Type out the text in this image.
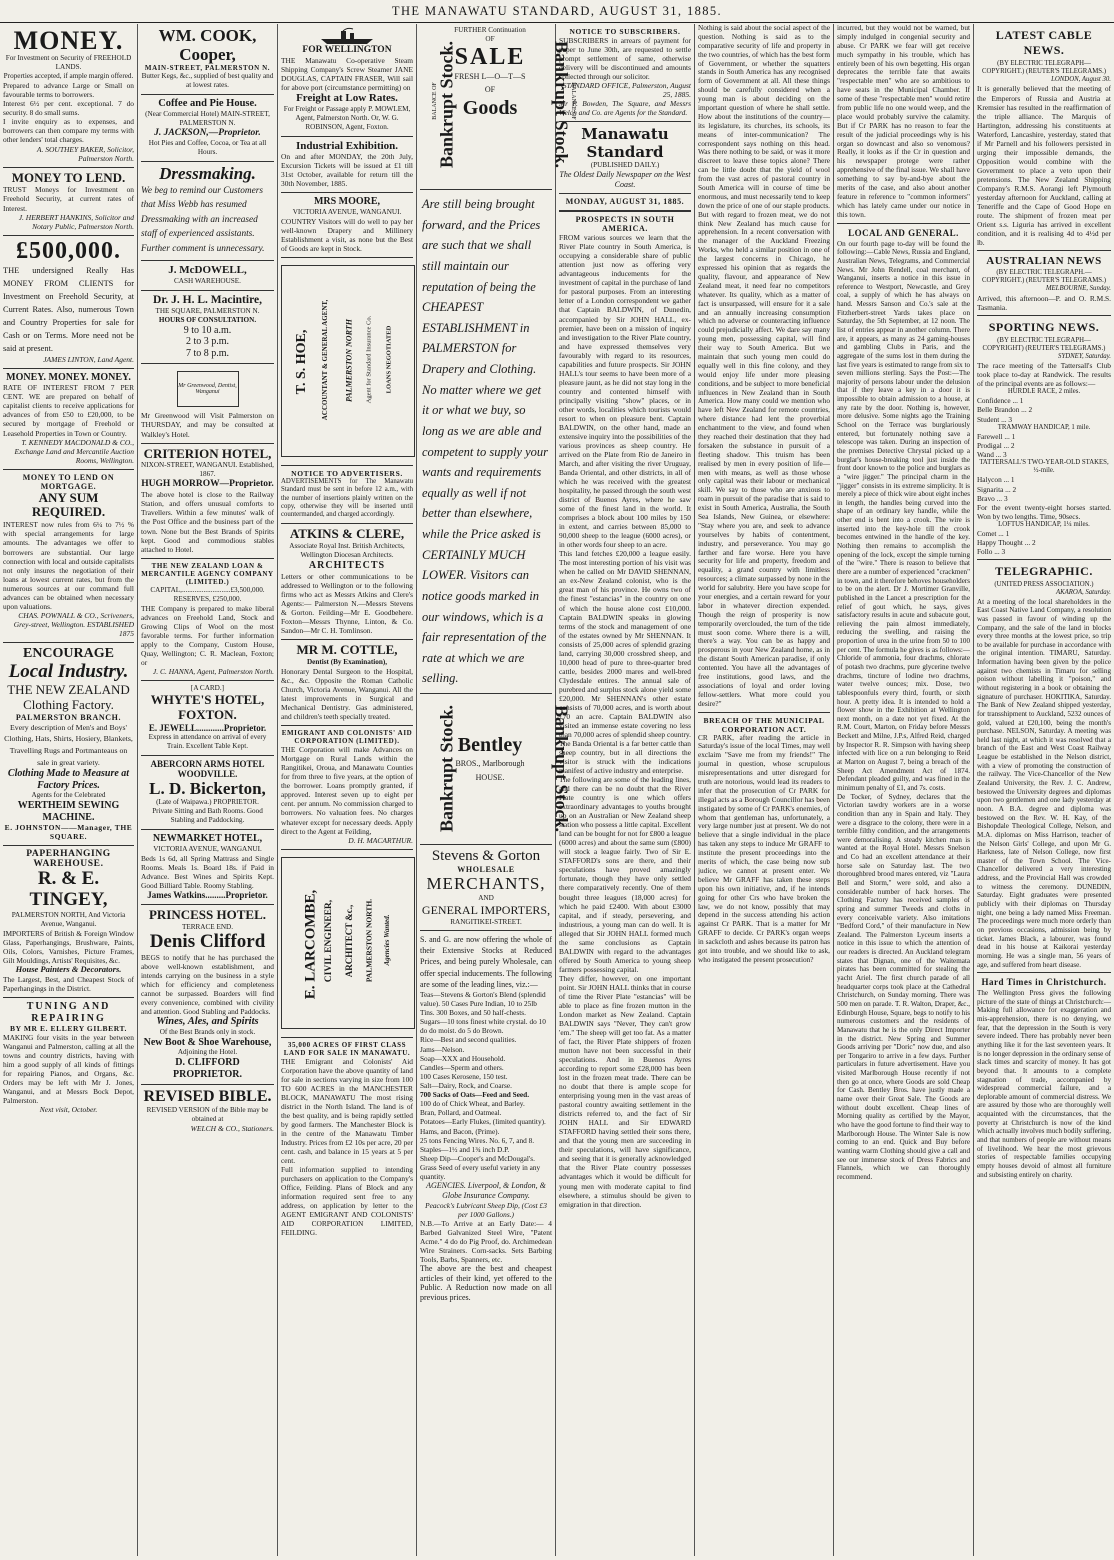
THE MANAWATU STANDARD, AUGUST 31, 1885.
MONEY.
For Investment on Security of FREEHOLD LANDS.
Properties accepted, if ample margin offered.
Prepared to advance Large or Small on favourable terms to borrowers.
Interest 6½ per cent. exceptional. 7 do security. 8 do small sums.
I invite enquiry as to expenses, and borrowers can then compare my terms with other lenders' total charges.
A. SOUTHEY BAKER, Solicitor, Palmerston North.
MONEY TO LEND.
TRUST Moneys for Investment on Freehold Security, at current rates of Interest.
J. HERBERT HANKINS, Solicitor and Notary Public, Palmerston North.
£500,000.
THE undersigned Really Has MONEY FROM CLIENTS for Investment on Freehold Security, at Current Rates. Also, numerous Town and Country Properties for sale for Cash or on Terms. More need not be said at present.
JAMES LINTON, Land Agent.
MONEY. MONEY. MONEY.
RATE OF INTEREST FROM 7 PER CENT. WE are prepared on behalf of capitalist clients to receive applications for advances of from £50 to £20,000, to be secured by mortgage of Freehold or Leasehold Properties in Town or Country.
T. KENNEDY MACDONALD & CO., Exchange Land and Mercantile Auction Rooms, Wellington.
MONEY TO LEND ON MORTGAGE.
ANY SUM REQUIRED.
INTEREST now rules from 6¼ to 7½ % with special arrangements for large amounts. The advantages we offer to borrowers are substantial. Our large connection with local and outside capitalists not only insures the negotiation of their loans at lowest current rates, but from the numerous sources at our command full advances can be obtained when necessary upon valuations.
CHAS. POWNALL & CO., Scriveners, Grey-street, Wellington. ESTABLISHED 1875
ENCOURAGE
Local Industry.
THE NEW ZEALAND Clothing Factory.
PALMERSTON BRANCH.
Every description of Men's and Boys' Clothing, Hats, Shirts, Hosiery, Blankets, Travelling Rugs and Portmanteaus on sale in great variety.
Clothing Made to Measure at Factory Prices.
Agents for the Celebrated
WERTHEIM SEWING MACHINE.
E. JOHNSTON——Manager, THE SQUARE.
PAPERHANGING WAREHOUSE.
R. & E. TINGEY,
PALMERSTON NORTH, And Victoria Avenue, Wanganui.
IMPORTERS of British & Foreign Window Glass, Paperhangings, Brushware, Paints, Oils, Colors, Varnishes, Picture Frames, Gilt Mouldings, Artists' Requisites, &c.
House Painters & Decorators.
The Largest, Best, and Cheapest Stock of Paperhangings in the District.
TUNING AND REPAIRING
BY MR E. ELLERY GILBERT.
MAKING four visits in the year between Wanganui and Palmerston, calling at all the towns and country districts, having with him a good supply of all kinds of fittings for repairing Pianos, and Organs, &c. Orders may be left with Mr J. Jones, Wanganui, and at Messrs Bock Depot, Palmerston.
Next visit, October.
WM. COOK, Cooper,
MAIN-STREET, PALMERSTON N.
Butter Kegs, &c., supplied of best quality and at lowest rates.
Coffee and Pie House.
(Near Commercial Hotel) MAIN-STREET, PALMERSTON N.
J. JACKSON,—Proprietor.
Hot Pies and Coffee, Cocoa, or Tea at all Hours.
Dressmaking.
We beg to remind our Customers that Miss Webb has resumed Dressmaking with an increased staff of experienced assistants. Further comment is unnecessary.
J. McDOWELL,
CASH WAREHOUSE.
Dr. J. H. L. Macintire,
THE SQUARE, PALMERSTON N.
HOURS OF CONSULTATION.
9 to 10 a.m.
2 to 3 p.m.
7 to 8 p.m.
Mr Greenwood, Dentist, Wanganui
Mr Greenwood will Visit Palmerston on THURSDAY, and may be consulted at Walkley's Hotel.
CRITERION HOTEL,
NIXON-STREET, WANGANUI. Established, 1867.
HUGH MORROW—Proprietor.
The above hotel is close to the Railway Station, and offers unusual comforts to Travellers. Within a few minutes' walk of the Post Office and the business part of the town. None but the Best Brands of Spirits kept. Good and commodious stables attached to Hotel.
THE NEW ZEALAND LOAN & MERCANTILE AGENCY COMPANY (LIMITED.)
CAPITAL,...........................£3,500,000.
RESERVES, £250,000.
THE Company is prepared to make liberal advances on Freehold Land, Stock and Growing Clips of Wool on the most favorable terms. For further information apply to the Company, Custom House, Quay, Wellington; C. R. Maclean, Foxton; or
J. C. HANNA, Agent, Palmerston North.
[A CARD.]
WHYTE'S HOTEL, FOXTON.
E. JEWELL............Proprietor.
Express in attendance on arrival of every Train. Excellent Table Kept.
ABERCORN ARMS HOTEL WOODVILLE.
L. D. Bickerton,
(Late of Waipawa.) PROPRIETOR.
Private Sitting and Bath Rooms. Good Stabling and Paddocking.
NEWMARKET HOTEL,
VICTORIA AVENUE, WANGANUI.
Beds 1s 6d, all Spring Mattrass and Single Rooms. Meals 1s. Board 18s. if Paid in Advance. Best Wines and Spirits Kept. Good Billiard Table. Roomy Stabling.
James Watkins.........Proprietor.
PRINCESS HOTEL.
TERRACE END.
Denis Clifford
BEGS to notify that he has purchased the above well-known establishment, and intends carrying on the business in a style which for efficiency and completeness cannot be surpassed. Boarders will find every convenience, combined with civility and attention. Good Stabling and Paddocks.
Wines, Ales, and Spirits
Of the Best Brands only in stock.
New Boot & Shoe Warehouse,
Adjoining the Hotel.
D. CLIFFORD PROPRIETOR.
REVISED BIBLE.
REVISED VERSION of the Bible may be obtained at
WELCH & CO., Stationers.
FOR WELLINGTON
THE Manawatu Co-operative Steam Shipping Company's Screw Steamer JANE DOUGLAS, CAPTAIN FRASER, Will sail for above port (circumstance permitting) on
Freight at Low Rates.
For Freight or Passage apply P. MOWLEM, Agent, Palmerston North. Or, W. G. ROBINSON, Agent, Foxton.
Industrial Exhibition.
On and after MONDAY, the 20th July, Excursion Tickets will be issued at £1 till 31st October, available for return till the 30th November, 1885.
MRS MOORE,
VICTORIA AVENUE, WANGANUI.
COUNTRY Visitors will do well to pay her well-known Drapery and Millinery Establishment a visit, as none but the Best of Goods are kept in Stock.
T. S. HOE, ACCOUNTANT & GENERAL AGENT, PALMERSTON NORTH Agent for Standard Insurance Co. LOANS NEGOTIATED
NOTICE TO ADVERTISERS.
ADVERTISEMENTS for The Manawatu Standard must be sent in before 12 a.m., with the number of insertions plainly written on the copy, otherwise they will be inserted until countermanded, and charged accordingly.
ATKINS & CLERE,
Associate Royal Inst. British Architects, Wellington Diocesan Architects.
ARCHITECTS
Letters or other communications to be addressed to Wellington or to the following firms who act as Messrs Atkins and Clere's Agents:— Palmerston N.—Messrs Stevens & Gorton. Feilding—Mr E. Goodbehere. Foxton—Messrs Thynne, Linton, & Co. Sandon—Mr C. H. Tomlinson.
MR M. COTTLE,
Dentist (By Examination),
Honorary Dental Surgeon to the Hospital, &c., &c. Opposite the Roman Catholic Church, Victoria Avenue, Wanganui. All the latest improvements in Surgical and Mechanical Dentistry. Gas administered, and children's teeth specially treated.
EMIGRANT AND COLONISTS' AID CORPORATION (LIMITED).
THE Corporation will make Advances on Mortgage on Rural Lands within the Rangitikei, Oroua, and Manawatu Counties for from three to five years, at the option of the borrower. Loans promptly granted, if approved. Interest seven up to eight per cent. per annum. No commission charged to borrowers. No valuation fees. No charges whatever except for necessary deeds. Apply direct to the Agent at Feilding,
D. H. MACARTHUR.
E. LARCOMBE, CIVIL ENGINEER, ARCHITECT &c., PALMERSTON NORTH. Agencies Wanted.
35,000 ACRES OF FIRST CLASS LAND FOR SALE IN MANAWATU.
THE Emigrant and Colonists' Aid Corporation have the above quantity of land for sale in sections varying in size from 100 TO 600 ACRES in the MANCHESTER BLOCK, MANAWATU The most rising district in the North Island. The land is of the best quality, and is being rapidly settled by good farmers. The Manchester Block is in the centre of the Manawatu Timber Industry. Prices from £2 10s per acre, 20 per cent. cash, and balance in 15 years at 5 per cent.
Full information supplied to intending purchasers on application to the Company's Office, Feilding. Plans of Block and any information required sent free to any address, on application by letter to the AGENT EMIGRANT AND COLONISTS' AID CORPORATION LIMITED, FEILDING.
Bankrupt Stock.
BALANCE OF
FURTHER Continuation OF
SALE
FRESH L—O—T—S OF
Goods	Bankrupt Stock.
BALANCE OF
Are still being brought forward, and the Prices are such that we shall still maintain our reputation of being the CHEAPEST ESTABLISHMENT in PALMERSTON for Drapery and Clothing. No matter where we get it or what we buy, so long as we are able and competent to supply your wants and requirements equally as well if not better than elsewhere, while the Price asked is CERTAINLY MUCH LOWER. Visitors can notice goods marked in our windows, which is a fair representation of the rate at which we are selling.
Bankrupt Stock. Bentley
BROS., Marlborough HOUSE.	Bankrupt Stock.
Stevens & Gorton
WHOLESALE
MERCHANTS,
AND
GENERAL IMPORTERS,
RANGITIKEI-STREET.
S. and G. are now offering the whole of their Extensive Stocks at Reduced Prices, and being purely Wholesale, can offer special inducements. The following are some of the leading lines, viz.:—
Teas—Stevens & Gorton's Blend (splendid value). 50 Cases Pure Indian, 10 to 25lb Tins. 300 Boxes, and 50 half-chests.
Sugars—10 tons finest white crystal. do 10 do do moist. do 5 do Brown.
Rice—Best and second qualities.
Jams—Nelson.
Soap—XXX and Household.
Candles—Sperm and others.
100 Cases Kerosene, 150 test.
Salt—Dairy, Rock, and Coarse.
700 Sacks of Oats—Feed and Seed.
100 do of Chick Wheat, and Barley.
Bran, Pollard, and Oatmeal.
Potatoes—Early Flukes, (limited quantity).
Hams, and Bacon, (Prime).
25 tons Fencing Wires. No. 6, 7, and 8.
Staples—1½ and 1¾ inch D.P.
Sheep Dip—Cooper's and McDougal's.
Grass Seed of every useful variety in any quantity.
AGENCIES. Liverpool, & London, & Globe Insurance Company.
Peacock's Lubricant Sheep Dip, (Cost £3 per 1000 Gallons.)
N.B.—To Arrive at an Early Date:— 4 Barbed Galvanized Steel Wire, "Patent Acme." 4 do do Pig Proof, do. Archimedean Wire Strainers. Corn-sacks. Sets Barbing Tools, Barbs, Spanners, etc.
The above are the best and cheapest articles of their kind, yet offered to the Public. A Reduction now made on all previous prices.
NOTICE TO SUBSCRIBERS.
SUBSCRIBERS in arrears of payment for paper to June 30th, are requested to settle prompt settlement of same, otherwise delivery will be discontinued and amounts collected through our solicitor.
STANDARD OFFICE, Palmerston, August 25, 1885.
Mr P. Bowden, The Square, and Messrs Welch and Co. are Agents for the Standard.
Manawatu Standard
(PUBLISHED DAILY.)
The Oldest Daily Newspaper on the West Coast.
MONDAY, AUGUST 31, 1885.
PROSPECTS IN SOUTH AMERICA.
FROM various sources we learn that the River Plate country in South America, is occupying a considerable share of public attention just now as offering very advantageous inducements for the investment of capital in the purchase of land for pastoral purposes. From an interesting letter of a London correspondent we gather that Captain BALDWIN, of Dunedin, accompanied by Sir JOHN HALL, ex-premier, have been on a mission of inquiry and investigation to the River Plate country, and have expressed themselves very favourably with regard to its resources, capabilities and future prospects. Sir JOHN HALL's tour seems to have been more of a pleasure jaunt, as he did not stay long in the country and contented himself with principally visiting "show" places, or in other words, localities which tourists would resort to when on pleasure bent. Captain BALDWIN, on the other hand, made an extensive inquiry into the possibilities of the various provinces as sheep country. He arrived on the Plate from Rio de Janeiro in March, and after visiting the river Uruguay, Banda Oriental, and other districts, in all of which he was received with the greatest hospitality, he passed through the south west district of Buenos Ayres, where he saw some of the finest land in the world. It comprises a block about 100 miles by 150 in extent, and carries between 85,000 to 90,000 sheep to the league (6000 acres), or in other words four sheep to an acre.
This land fetches £20,000 a league easily. The most interesting portion of his visit was when he called on Mr DAVID SHENNAN, an ex-New Zealand colonist, who is the great man of his province. He owns two of the finest "estancias" in the country on one of which the house alone cost £10,000. Captain BALDWIN speaks in glowing terms of the stock and management of one of the estates owned by Mr SHENNAN. It consists of 25,000 acres of splendid grazing land, carrying 30,000 crossbred sheep, and 10,000 head of pure to three-quarter bred cattle, besides 2000 mares and well-bred Clydesdale entires. The annual sale of purebred and surplus stock alone yield some £20,000. Mr SHENNAN's other estate consists of 70,000 acres, and is worth about £70 an acre. Captain BALDWIN also visited an immense estate covering no less than 70,000 acres of splendid sheep country. The Banda Oriental is a far better cattle than sheep country, but in all directions the visitor is struck with the indications manifest of active industry and enterprise.
The following are some of the leading lines, and there can be no doubt that the River Plate country is one which offers extraordinary advantages to youths brought up on an Australian or New Zealand sheep station who possess a little capital. Excellent land can be bought for not for £800 a league (6000 acres) and about the same sum (£800) will stock a league fairly. Two of Sir E. STAFFORD's sons are there, and their speculations have proved amazingly fortunate, though they have only settled there comparatively recently. One of them bought three leagues (18,000 acres) for which he paid £2400. With about £3000 capital, and if steady, persevering, and industrious, a young man can do well. It is alleged that Sir JOHN HALL formed much the same conclusions as Captain BALDWIN with regard to the advantages offered by South America to young sheep farmers possessing capital.
They differ, however, on one important point. Sir JOHN HALL thinks that in course of time the River Plate "estancias" will be able to place as fine frozen mutton in the London market as New Zealand. Captain BALDWIN says "Never, They can't grow 'em." The sheep will get too fat. As a matter of fact, the River Plate shippers of frozen mutton have not been successful in their speculations. And in Buenos Ayres according to report some £28,000 has been lost in the frozen meat trade. There can be no doubt that there is ample scope for enterprising young men in the vast areas of pastoral country awaiting settlement in the districts referred to, and the fact of Sir JOHN HALL and Sir EDWARD STAFFORD having settled their sons there, and that the young men are succeeding in their speculations, will have significance, and seeing that it is generally acknowledged that the River Plate country possesses advantages which it would be difficult for young men with moderate capital to find elsewhere, a stimulus should be given to emigration in that direction.
Nothing is said about the social aspect of the question. Nothing is said as to the comparative security of life and property in the two countries, of which has the best form of Government, or whether the squatters stands in South America has any recognised form of Government at all. All these things should be carefully considered when a young man is about deciding on the important question of where he shall settle. How about the institutions of the country—its legislature, its churches, its schools, its means of inter-communication? The correspondent says nothing on this head. Was there nothing to be said, or was it more discreet to leave these topics alone? There can be little doubt that the yield of wool from the vast acres of pastoral country in South America will in course of time be enormous, and must necessarily tend to keep down the price of one of our staple products. But with regard to frozen meat, we do not think New Zealand has much cause for apprehension. In a recent conversation with the manager of the Auckland Freezing Works, who held a similar position in one of the largest concerns in Chicago, he expressed his opinion that as regards the quality, flavour, and appearance of New Zealand meat, it need fear no competitors whatever. Its quality, which as a matter of fact is unsurpassed, will ensure for it a sale and an annually increasing consumption which no adverse or counteracting influence could prejudicially affect. We dare say many young men, possessing capital, will find their way to South America. But we maintain that such young men could do equally well in this fine colony, and they would enjoy life under more pleasing conditions, and be subject to more beneficial influences in New Zealand than in South America. How many could we mention who have left New Zealand for remote countries, where distance had lent the proverbial enchantment to the view, and found when they reached their destination that they had forsaken the substance in pursuit of a fleeting shadow. This truism has been realised by men in every position of life—men with means, as well as those whose only capital was their labour or mechanical skill. We say to those who are anxious to roam in pursuit of the paradise that is said to exist in South America, Australia, the South Sea Islands, New Guinea, or elsewhere: "Stay where you are, and seek to advance yourselves by habits of contentment, industry, and perseverance. You may go farther and fare worse. Here you have security for life and property, freedom and equality, a grand country with limitless resources; a climate surpassed by none in the world for salubrity. Here you have scope for your energies, and a certain reward for your labor in whatever direction expended. Though the reign of prosperity is now temporarily overclouded, the turn of the tide must soon come. Where there is a will, there's a way. You can be as happy and prosperous in your New Zealand home, as in the distant South American paradise, if only contented. You have all the advantages of free institutions, good laws, and the associations of loyal and order loving fellow-settlers. What more could you desire?"
BREACH OF THE MUNICIPAL CORPORATION ACT.
CR PARK, after reading the article in Saturday's issue of the local Times, may well exclaim "Save me from my friends!" The journal in question, whose scrupulous misrepresentations and utter disregard for truth are notorious, would lead its readers to infer that the prosecution of Cr PARK for illegal acts as a Borough Councillor has been instigated by some of Cr PARK's enemies, of whom that gentleman has, unfortunately, a very large number just at present. We do not believe that a single individual in the place has taken any steps to induce Mr GRAFF to institute the present proceedings into the merits of which, the case being now sub judice, we cannot at present enter. We believe Mr GRAFF has taken these steps upon his own initiative, and, if he intends going for other Crs who have broken the law, we do not know, possibly that may depend in the success attending his action against Cr PARK. That is a matter for Mr GRAFF to decide. Cr PARK's organ weeps in sackcloth and ashes because its patron has got into trouble, and we should like to ask, who instigated the present prosecution?
incurred, but they would not be warned, but simply indulged in congenial security and abuse. Cr PARK we fear will get receive much sympathy in his trouble, which has entirely been of his own begetting. His organ deprecates the terrible fate that awaits "respectable men" who are so ambitious to have seats in the Municipal Chamber. If some of these "respectable men" would retire from public life no one would weep, and the place would probably survive the calamity. But if Cr PARK has no reason to fear the result of the judicial proceedings why is his organ so downcast and also so venomous? Really, it looks as if the Cr in question and his newspaper protege were rather apprehensive of the final issue. We shall have something to say by-and-bye about the merits of the case, and also about another feature in reference to "common informers" which has lately came under our notice in this town.
LOCAL AND GENERAL.
On our fourth page to-day will be found the following:—Cable News, Russia and England, Australian News, Telegrams, and Commercial News. Mr John Rendell, coal merchant, of Wanganui, inserts a notice in this issue in reference to Westport, Newcastle, and Grey coal, a supply of which he has always on hand. Messrs Sanson and Co.'s sale at the Fitzherbert-street Yards takes place on Saturday, the 5th September, at 12 noon. The list of entries appear in another column. There are, it appears, as many as 24 gaming-houses and gambling Clubs in Paris, and the aggregate of the sums lost in them during the last five years is estimated to range from six to seven millions sterling. Says the Post:—The majority of persons labour under the delusion that if they leave a key in a door it is impossible to obtain admission to a house, at any rate by the door. Nothing is, however, more delusive. Some nights ago the Training School on the Terrace was burglariously entered, but fortunately nothing save a telescope was taken. During an inspection of the premises Detective Chrystal picked up a burglar's house-breaking tool just inside the front door known to the police and burglars as a "wire jigger." The principal charm in the "jigger" consists in its extreme simplicity. It is merely a piece of thick wire about eight inches in length, the handles being curved into the shape of an ordinary key handle, while the other end is bent into a crook. The wire is inserted into the key-hole till the crook becomes entwined in the handle of the key. Nothing then remains to accomplish the opening of the lock, except the simple turning of the "wire." There is reason to believe that there are a number of experienced "crackmen" in town, and it therefore behoves householders to be on the alert. Dr J. Mortimer Granville, published in the Lancet a prescription for the relief of gout which, he says, gives satisfactory results in acute and subacute gout, relieving the pain almost immediately, reducing the swelling, and raising the proportion of urea in the urine from 50 to 100 per cent. The formula he gives is as follows:—Chloride of ammonia, four drachms, chlorate of potash two drachms, pure glycerine twelve drachms, tincture of lodine two drachms, water twelve ounces; mix. Dose, two tablespoonfuls every third, fourth, or sixth hour. A pretty idea. It is intended to hold a flower show in the Exhibition at Wellington next month, on a date not yet fixed. At the R.M. Court, Marton, on Friday before Messrs Beckett and Milne, J.P.s, Alfred Reid, charged by Inspector R. R. Simpson with having sheep infected with lice on a run belonging to Reid at Marton on August 7, being a breach of the Sheep Act Amendment Act of 1874. Defendant pleaded guilty, and was fined in the minimum penalty of £1, and 7s. costs.
De Tocker, of Sydney, declares that the Victorian tawdry workers are in a worse condition than any in Spain and Italy. They were a disgrace to the colony, there were in a terrible filthy condition, and the arrangements were demoralising. A steady kitchen man is wanted at the Royal Hotel. Messrs Snelson and Co had an excellent attendance at their horse sale on Saturday last. The two thoroughbred brood mares entered, viz "Laura Bell and Storm," were sold, and also a considerable number of hack horses. The Clothing Factory has received samples of spring and summer Tweeds and cloths in every conceivable variety. Also imitations "Bedford Cord," of their manufacture in New Zealand. The Palmerston Lyceum inserts a notice in this issue to which the attention of our readers is directed. An Auckland telegram states that Dignan, one of the Waitemata pirates has been committed for stealing the yacht Ariel. The first church parade of all headquarter corps took place at the Cathedral Christchurch, on Sunday morning. There was 500 men on parade. T. R. Walton, Draper, &c., Edinburgh House, Square, begs to notify to his numerous customers and the residents of Manawatu that he is the only Direct Importer in the district. New Spring and Summer Goods arriving per "Doric" now due, and also per Tongariro to arrive in a few days. Further particulars in future advertisement. Have you visited Marlborough House recently if not then go at once, where Goods are sold Cheap for Cash. Bentley Bros. have justly made a name over their Great Sale. The Goods are without doubt excellent. Cheap lines of Morning quality as certified by the Mayor, who have the good fortune to find their way to Marlborough House. The Winter Sale is now coming to an end. Quick and Buy before wanting warm Clothing should give a call and see our immense stock of Dress Fabrics and Flannels, which we can thoroughly recommend.
LATEST CABLE NEWS.
(BY ELECTRIC TELEGRAPH—COPYRIGHT.) (REUTER'S TELEGRAMS.)
LONDON, August 30.
It is generally believed that the meeting of the Emperors of Russia and Austria at Kremsier has resulted in the reaffirmation of the triple alliance. The Marquis of Hartington, addressing his constituents at Waterford, Lancashire, yesterday, stated that if Mr Parnell and his followers persisted in urging their impossible demands, the Opposition would combine with the Government to place a veto upon their pretensions. The New Zealand Shipping Company's R.M.S. Aorangi left Plymouth yesterday afternoon for Auckland, calling at Teneriffe and the Cape of Good Hope en route. The shipment of frozen meat per Orient s.s. Liguria has arrived in excellent condition, and it is realising 4d to 4½d per lb.
AUSTRALIAN NEWS
(BY ELECTRIC TELEGRAPH.—COPYRIGHT.) (REUTER'S TELEGRAMS.)
MELBOURNE, Sunday.
Arrived, this afternoon—P. and O. R.M.S. Tasmania.
SPORTING NEWS.
(BY ELECTRIC TELEGRAPH—COPYRIGHT) (REUTER'S TELEGRAMS.)
SYDNEY, Saturday.
The race meeting of the Tattersall's Club took place to-day at Randwick. The results of the principal events are as follows:—
HURDLE RACE, 2 miles.
Confidence ... 1
Belle Brandon ... 2
Student ... 3
TRAMWAY HANDICAP, 1 mile.
Farewell ... 1
Prodigal ... 2
Wand ... 3
TATTERSALL'S TWO-YEAR-OLD STAKES, ½-mile.
Halycon ... 1
Signarita ... 2
Bravo ... 3
For the event twenty-eight horses started. Won by two lengths. Time, 90secs.
LOFTUS HANDICAP, 1¼ miles.
Comet ... 1
Happy Thought ... 2
Follo ... 3
TELEGRAPHIC.
(UNITED PRESS ASSOCIATION.)
AKAROA, Saturday.
At a meeting of the local shareholders in the East Coast Native Land Company, a resolution was passed in favour of winding up the Company, and the sale of the land in blocks every three months at the lowest price, so trip to be available for purchase in accordance with the original intention. TIMARU, Saturday. Information having been given by the police against two chemists in Timaru for selling poison without labelling it "poison," and without registering in a book or obtaining the signature of purchaser. HOKITIKA, Saturday. The Bank of New Zealand shipped yesterday, for transshipment to Auckland, 5232 ounces of gold, valued at £20,100, being the month's purchase. NELSON, Saturday. A meeting was held last night, at which it was resolved that a branch of the East and West Coast Railway League be established in the Nelson district, with a view of promoting the construction of the railway. The Vice-Chancellor of the New Zealand University, the Rev. J. C. Andrew, bestowed the University degrees and diplomas upon two gentlemen and one lady yesterday at noon. A B.A. degree and diploma was bestowed on the Rev. W. H. Kay, of the Bishopdale Theological College, Nelson, and M.A. diplomas on Miss Harrison, teacher of the Nelson Girls' College, and upon Mr G. Harkness, late of Nelson College, now first master of the Town School. The Vice-Chancellor delivered a very interesting address, and the Provincial Hall was crowded to witness the ceremony. DUNEDIN, Saturday. Eight graduates were presented publicly with their diplomas on Thursday night, one being a lady named Miss Freeman. The proceedings were much more orderly than on previous occasions, admission being by ticket. James Black, a labourer, was found dead in his house at Kaikorai yesterday morning. He was a single man, 56 years of age, and suffered from heart disease.
Hard Times in Christchurch.
The Wellington Press gives the following picture of the state of things at Christchurch:—Making full allowance for exaggeration and mis-apprehension, there is no denying, we fear, that the depression in the South is very severe indeed. There has probably never been anything like it for the last seventeen years. It is no longer depression in the ordinary sense of slack times and scarcity of money. It has got beyond that. It amounts to a complete stagnation of trade, accompanied by widespread commercial failure, and a deplorable amount of commercial distress. We are assured by those who are thoroughly well acquainted with the circumstances, that the poverty at Christchurch is now of the kind which actually involves much bodily suffering, and that numbers of people are without means of livelihood. We hear the most grievous stories of respectable families occupying empty houses devoid of almost all furniture and subsisting entirely on charity.
